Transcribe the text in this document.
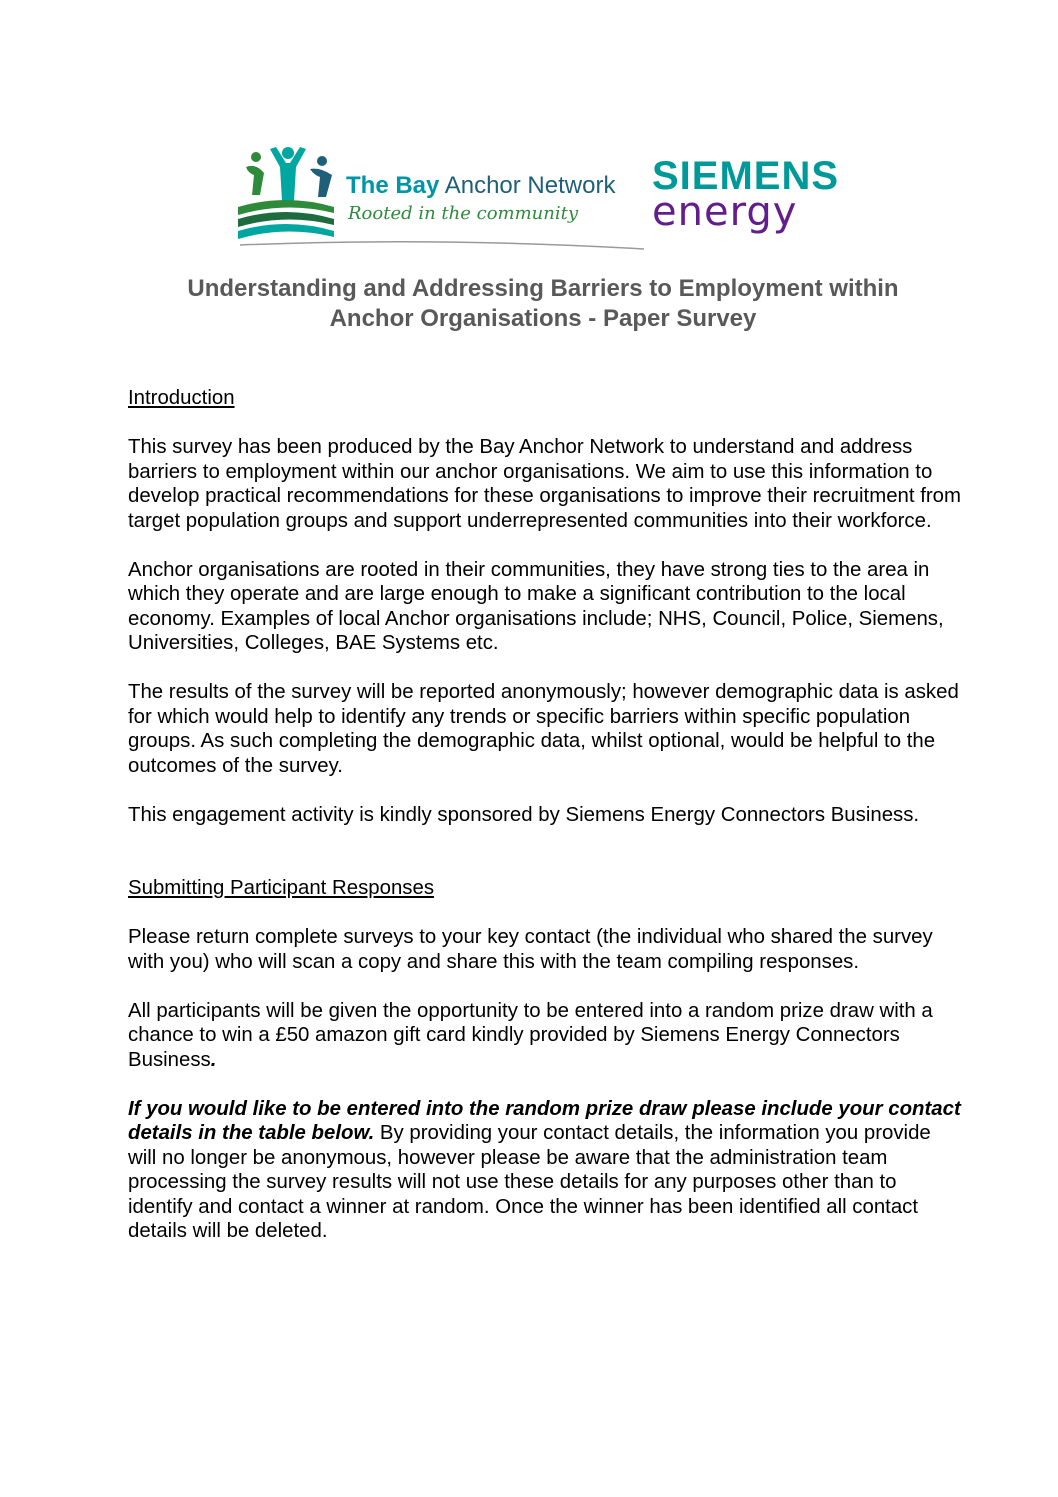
The Bay Anchor Network
Rooted in the community
SIEMENS
energy
Understanding and Addressing Barriers to Employment within
Anchor Organisations - Paper Survey

Introduction

This survey has been produced by the Bay Anchor Network to understand and address barriers to employment within our anchor organisations. We aim to use this information to develop practical recommendations for these organisations to improve their recruitment from target population groups and support underrepresented communities into their workforce.

Anchor organisations are rooted in their communities, they have strong ties to the area in which they operate and are large enough to make a significant contribution to the local economy. Examples of local Anchor organisations include; NHS, Council, Police, Siemens, Universities, Colleges, BAE Systems etc.

The results of the survey will be reported anonymously; however demographic data is asked for which would help to identify any trends or specific barriers within specific population groups. As such completing the demographic data, whilst optional, would be helpful to the outcomes of the survey.

This engagement activity is kindly sponsored by Siemens Energy Connectors Business.

Submitting Participant Responses

Please return complete surveys to your key contact (the individual who shared the survey with you) who will scan a copy and share this with the team compiling responses.

All participants will be given the opportunity to be entered into a random prize draw with a chance to win a £50 amazon gift card kindly provided by Siemens Energy Connectors Business.

If you would like to be entered into the random prize draw please include your contact details in the table below. By providing your contact details, the information you provide will no longer be anonymous, however please be aware that the administration team processing the survey results will not use these details for any purposes other than to identify and contact a winner at random. Once the winner has been identified all contact details will be deleted.
